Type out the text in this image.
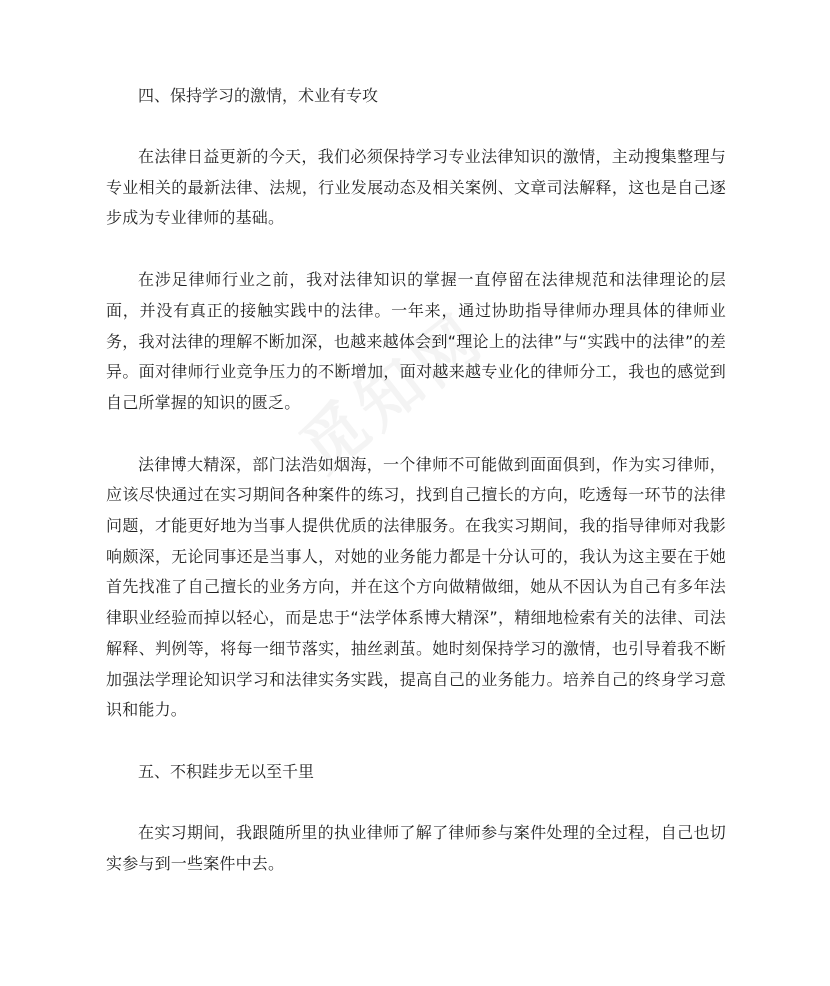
四、保持学习的激情，术业有专攻

在法律日益更新的今天，我们必须保持学习专业法律知识的激情，主动搜集整理与专业相关的最新法律、法规，行业发展动态及相关案例、文章司法解释，这也是自己逐步成为专业律师的基础。

在涉足律师行业之前，我对法律知识的掌握一直停留在法律规范和法律理论的层面，并没有真正的接触实践中的法律。一年来，通过协助指导律师办理具体的律师业务，我对法律的理解不断加深，也越来越体会到“理论上的法律”与“实践中的法律”的差异。面对律师行业竞争压力的不断增加，面对越来越专业化的律师分工，我也的感觉到自己所掌握的知识的匮乏。

法律博大精深，部门法浩如烟海，一个律师不可能做到面面俱到，作为实习律师，应该尽快通过在实习期间各种案件的练习，找到自己擅长的方向，吃透每一环节的法律问题，才能更好地为当事人提供优质的法律服务。在我实习期间，我的指导律师对我影响颇深，无论同事还是当事人，对她的业务能力都是十分认可的，我认为这主要在于她首先找准了自己擅长的业务方向，并在这个方向做精做细，她从不因认为自己有多年法律职业经验而掉以轻心，而是忠于“法学体系博大精深”，精细地检索有关的法律、司法解释、判例等，将每一细节落实，抽丝剥茧。她时刻保持学习的激情，也引导着我不断加强法学理论知识学习和法律实务实践，提高自己的业务能力。培养自己的终身学习意识和能力。

五、不积跬步无以至千里

在实习期间，我跟随所里的执业律师了解了律师参与案件处理的全过程，自己也切实参与到一些案件中去。
